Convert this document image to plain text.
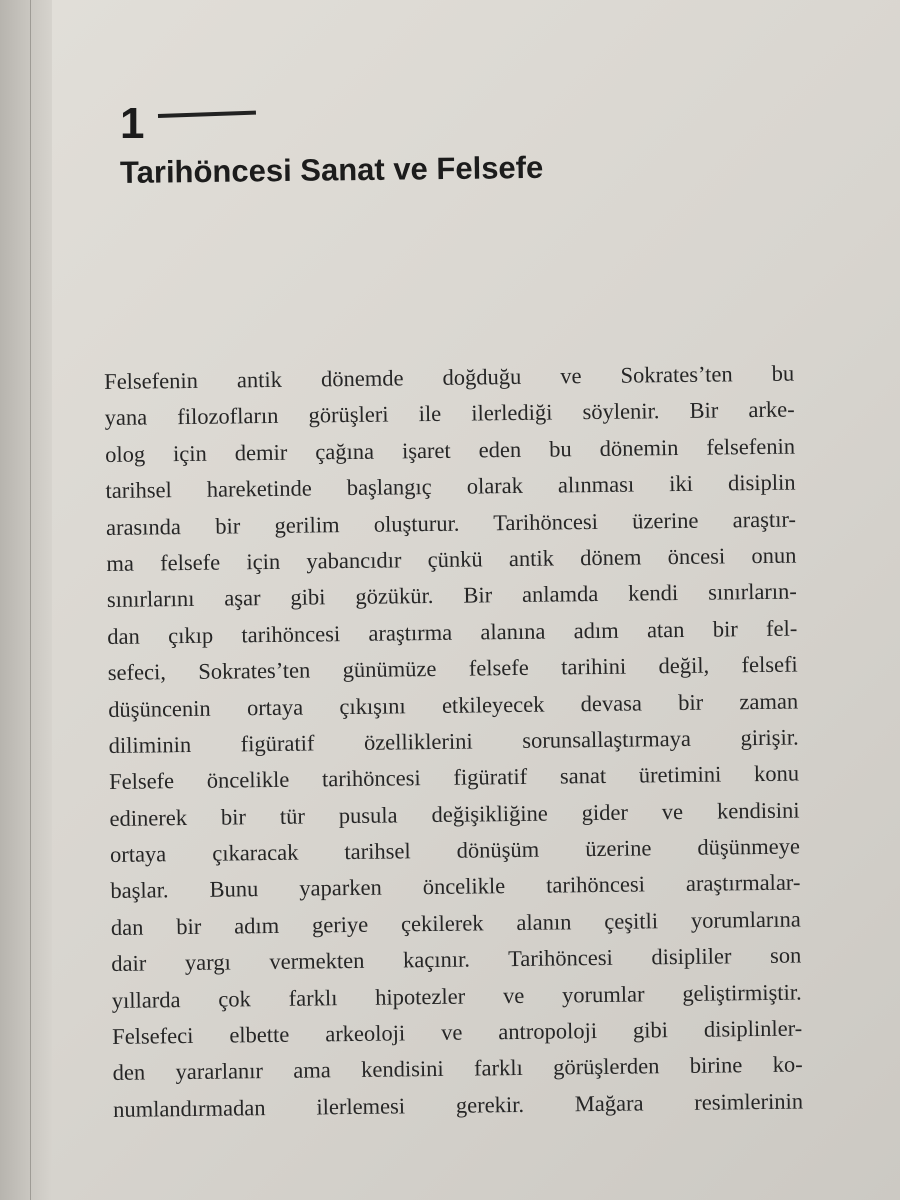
1
Tarihöncesi Sanat ve Felsefe
Felsefenin antik dönemde doğduğu ve Sokrates’ten bu
yana filozofların görüşleri ile ilerlediği söylenir. Bir arke-
olog için demir çağına işaret eden bu dönemin felsefenin
tarihsel hareketinde başlangıç olarak alınması iki disiplin
arasında bir gerilim oluşturur. Tarihöncesi üzerine araştır-
ma felsefe için yabancıdır çünkü antik dönem öncesi onun
sınırlarını aşar gibi gözükür. Bir anlamda kendi sınırların-
dan çıkıp tarihöncesi araştırma alanına adım atan bir fel-
sefeci, Sokrates’ten günümüze felsefe tarihini değil, felsefi
düşüncenin ortaya çıkışını etkileyecek devasa bir zaman
diliminin figüratif özelliklerini sorunsallaştırmaya girişir.
Felsefe öncelikle tarihöncesi figüratif sanat üretimini konu
edinerek bir tür pusula değişikliğine gider ve kendisini
ortaya çıkaracak tarihsel dönüşüm üzerine düşünmeye
başlar. Bunu yaparken öncelikle tarihöncesi araştırmalar-
dan bir adım geriye çekilerek alanın çeşitli yorumlarına
dair yargı vermekten kaçınır. Tarihöncesi disipliler son
yıllarda çok farklı hipotezler ve yorumlar geliştirmiştir.
Felsefeci elbette arkeoloji ve antropoloji gibi disiplinler-
den yararlanır ama kendisini farklı görüşlerden birine ko-
numlandırmadan ilerlemesi gerekir. Mağara resimlerinin
